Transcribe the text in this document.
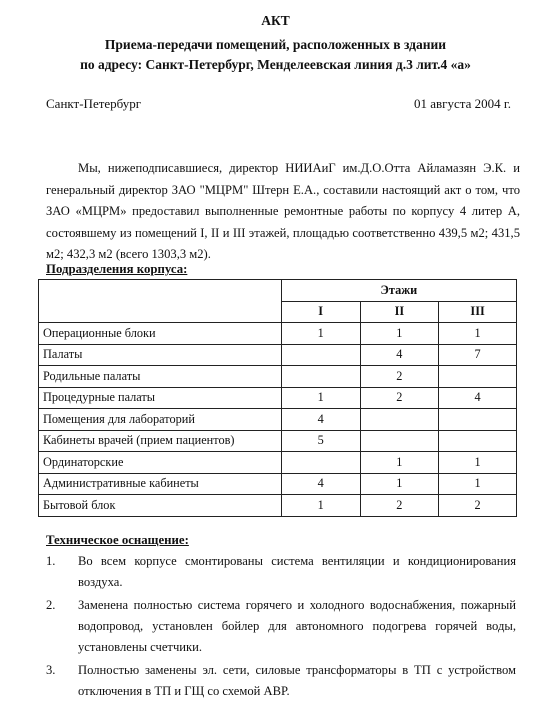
АКТ
Приема-передачи помещений, расположенных в здании
по адресу: Санкт-Петербург, Менделеевская линия д.3 лит.4 «а»
Санкт-Петербург	01 августа 2004 г.

Мы, нижеподписавшиеся, директор НИИАиГ им.Д.О.Отта Айламазян Э.К. и генеральный директор ЗАО "МЦРМ" Штерн Е.А., составили настоящий акт о том, что ЗАО «МЦРМ» предоставил выполненные ремонтные работы по корпусу 4 литер А, состоявшему из помещений I, II и III этажей, площадью соответственно 439,5 м2; 431,5 м2; 432,3 м2 (всего 1303,3 м2).

Подразделения корпуса:
	Этажи		
	I	II	III
Операционные блоки	1	1	1
Палаты		4	7
Родильные палаты		2	
Процедурные палаты	1	2	4
Помещения для лабораторий	4		
Кабинеты врачей (прием пациентов)	5		
Ординаторские		1	1
Административные кабинеты	4	1	1
Бытовой блок	1	2	2
Техническое оснащение:
1. Во всем корпусе смонтированы система вентиляции и кондиционирования воздуха.
2. Заменена полностью система горячего и холодного водоснабжения, пожарный водопровод, установлен бойлер для автономного подогрева горячей воды, установлены счетчики.
3. Полностью заменены эл. сети, силовые трансформаторы в ТП с устройством отключения в ТП и ГЩ со схемой АВР.
